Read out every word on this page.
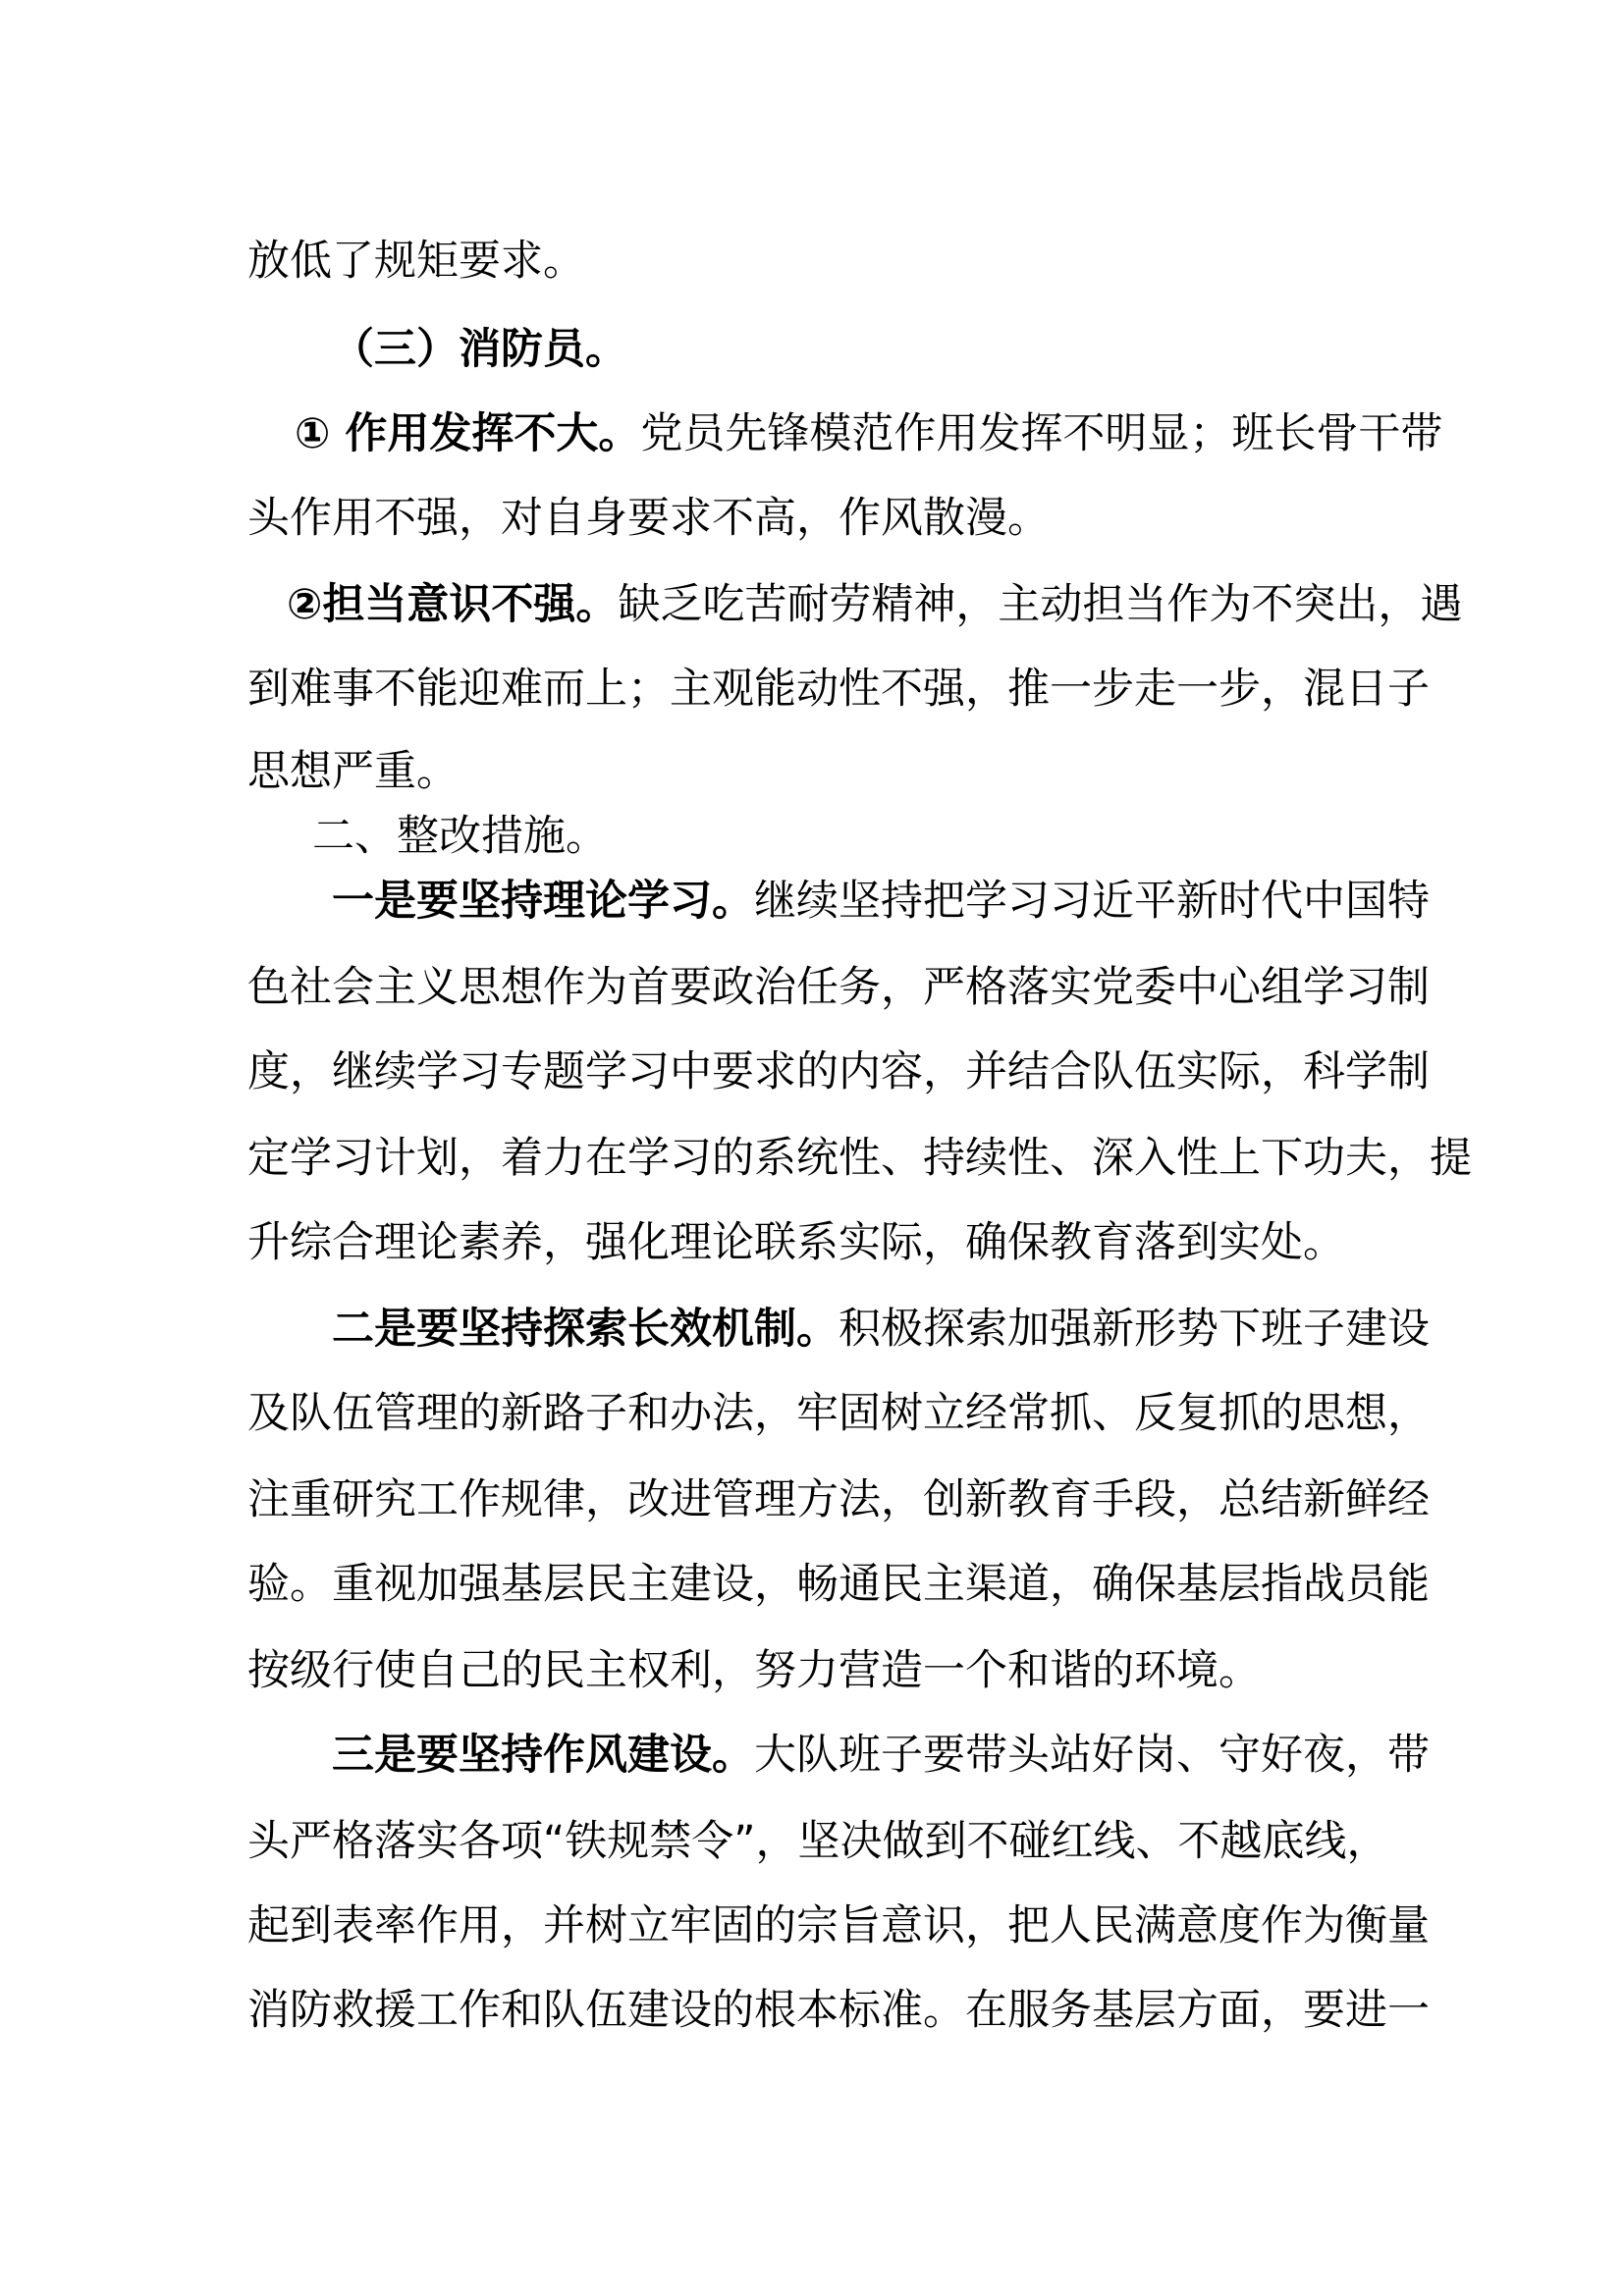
放低了规矩要求。
（三）消防员。
① 作用发挥不大。党员先锋模范作用发挥不明显；班长骨干带
头作用不强，对自身要求不高，作风散漫。
②担当意识不强。缺乏吃苦耐劳精神，主动担当作为不突出，遇
到难事不能迎难而上；主观能动性不强，推一步走一步，混日子
思想严重。
二、整改措施。
一是要坚持理论学习。继续坚持把学习习近平新时代中国特
色社会主义思想作为首要政治任务，严格落实党委中心组学习制
度，继续学习专题学习中要求的内容，并结合队伍实际，科学制
定学习计划，着力在学习的系统性、持续性、深入性上下功夫，提
升综合理论素养，强化理论联系实际，确保教育落到实处。
二是要坚持探索长效机制。积极探索加强新形势下班子建设
及队伍管理的新路子和办法，牢固树立经常抓、反复抓的思想，
注重研究工作规律，改进管理方法，创新教育手段，总结新鲜经
验。重视加强基层民主建设，畅通民主渠道，确保基层指战员能
按级行使自己的民主权利，努力营造一个和谐的环境。
三是要坚持作风建设。大队班子要带头站好岗、守好夜，带
头严格落实各项“铁规禁令”，坚决做到不碰红线、不越底线，
起到表率作用，并树立牢固的宗旨意识，把人民满意度作为衡量
消防救援工作和队伍建设的根本标准。在服务基层方面，要进一
